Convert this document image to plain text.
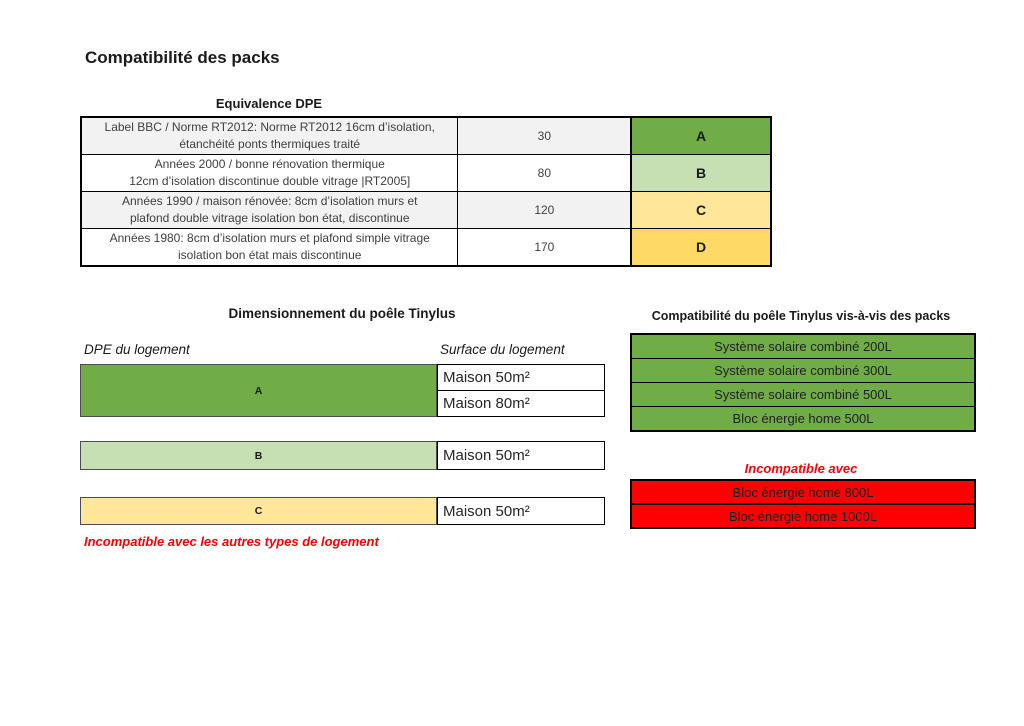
Compatibilité des packs
Equivalence DPE
Label BBC / Norme RT2012: Norme RT2012 16cm d’isolation,
étanchéité ponts thermiques traité
30	A
Années 2000 / bonne rénovation thermique
12cm d’isolation discontinue double vitrage |RT2005]
80	B
Années 1990 / maison rénovée: 8cm d’isolation murs et
plafond double vitrage isolation bon état, discontinue
120	C
Années 1980: 8cm d’isolation murs et plafond simple vitrage
isolation bon état mais discontinue
170	D
Dimensionnement du poêle Tinylus
DPE du logement	Surface du logement
A
Maison 50m²
Maison 80m²
B	Maison 50m²
C	Maison 50m²
Incompatible avec les autres types de logement
Compatibilité du poêle Tinylus vis-à-vis des packs
Système solaire combiné 200L
Système solaire combiné 300L
Système solaire combiné 500L
Bloc énergie home 500L
Incompatible avec
Bloc énergie home 800L
Bloc énergie home 1000L
